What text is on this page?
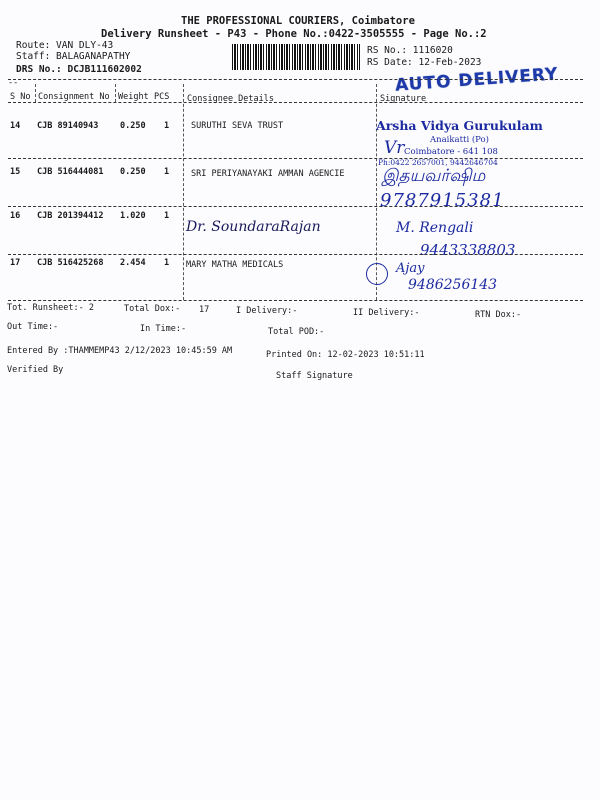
THE PROFESSIONAL COURIERS, Coimbatore
Delivery Runsheet - P43 - Phone No.:0422-3505555 - Page No.:2
Route: VAN DLY-43
Staff: BALAGANAPATHY
DRS No.: DCJB111602002
RS No.: 1116020
RS Date: 12-Feb-2023
AUTO DELIVERY
--
S No Consignment No Weight PCS Consignee Details	Signature
14 CJB 89140943	0.250 1	SURUTHI SEVA TRUST	Arsha Vidya Gurukulam
Anaikatti (Po)
Vr Coimbatore - 641 108
Ph:0422 2657001, 9442646704
15 CJB 516444081 0.250 1	SRI PERIYANAYAKI AMMAN AGENCIE இதயவர்ஷிம
9787915381
16 CJB 201394412 1.020 1
Dr. SoundaraRajan	M. Rengali
9443338803
17 CJB 516425268 2.454 1 MARY MATHA MEDICALS	Ajay
9486256143
Tot. Runsheet:- 2	Total Dox:- 17	I Delivery:-	II Delivery:-	RTN Dox:-
Out Time:-	In Time:-	Total POD:-
Entered By :THAMMEMP43 2/12/2023 10:45:59 AM	Printed On: 12-02-2023 10:51:11
Verified By
Staff Signature
